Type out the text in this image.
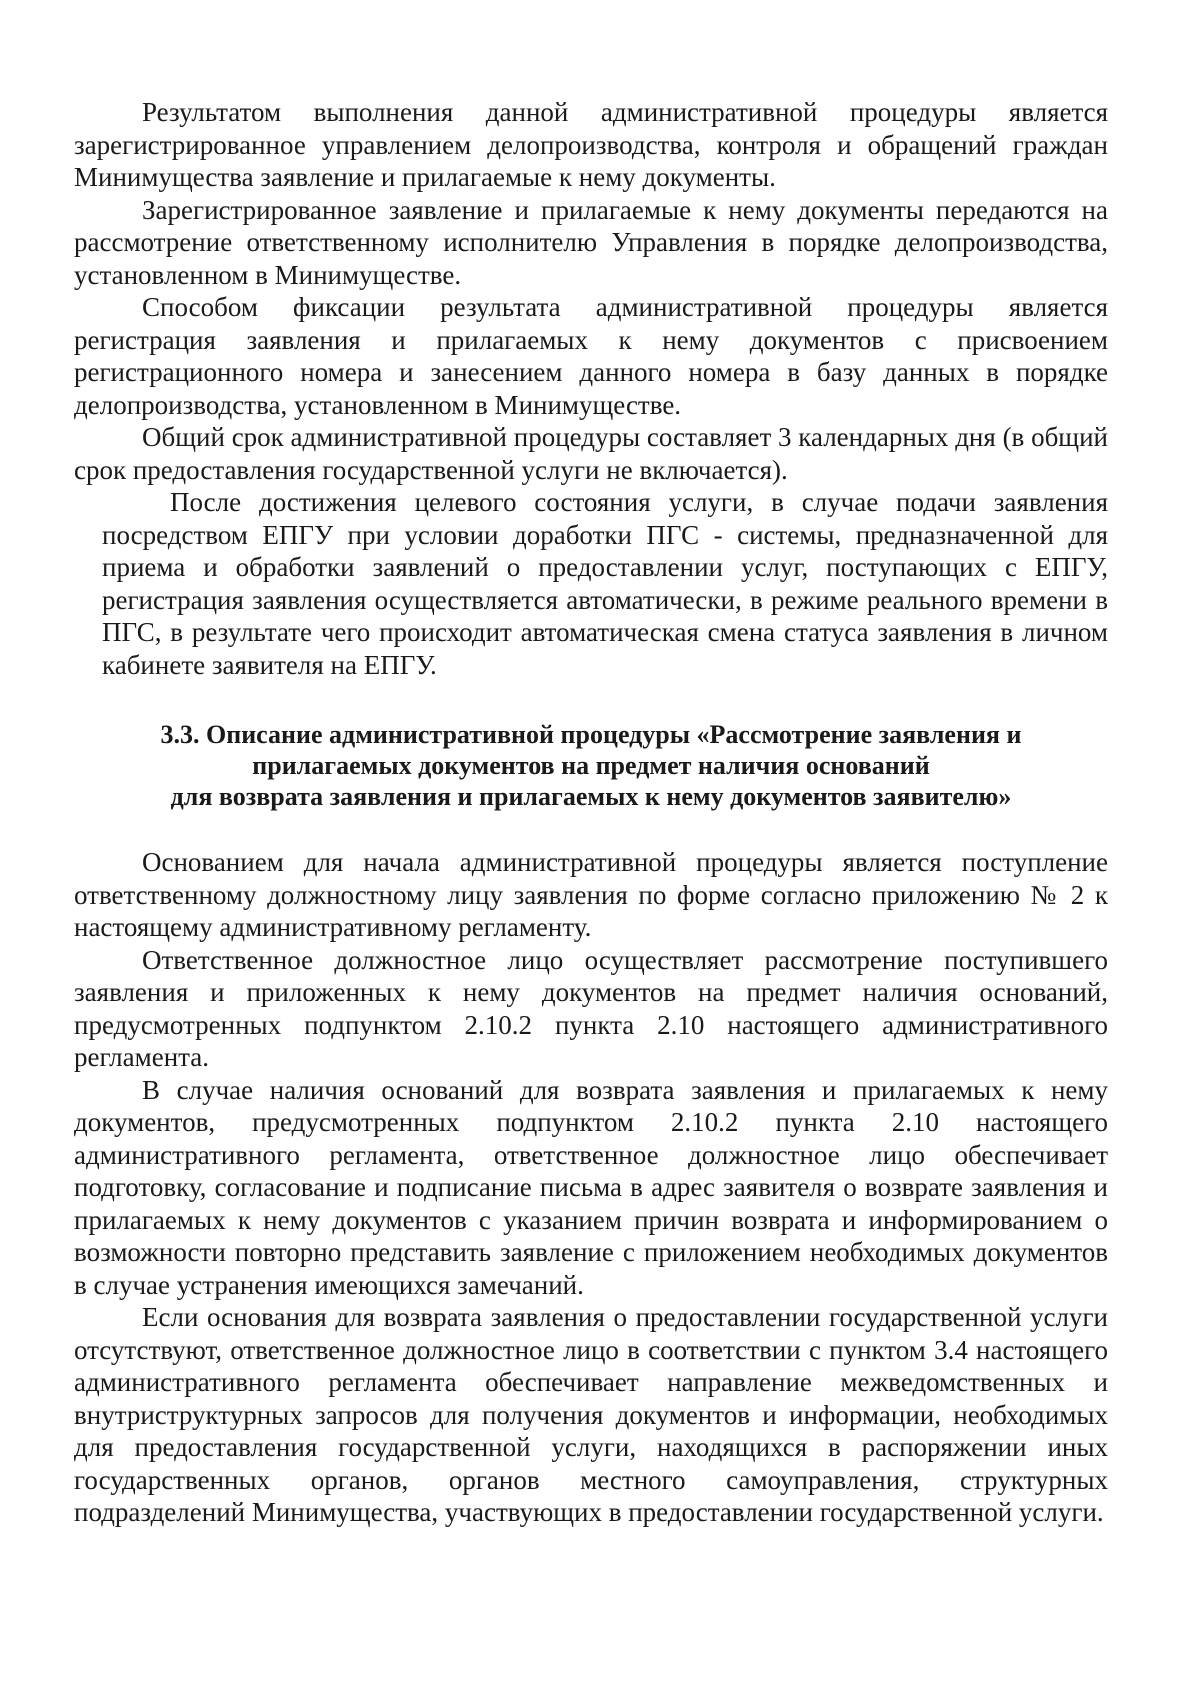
Результатом выполнения данной административной процедуры является зарегистрированное управлением делопроизводства, контроля и обращений граждан Минимущества заявление и прилагаемые к нему документы.

Зарегистрированное заявление и прилагаемые к нему документы передаются на рассмотрение ответственному исполнителю Управления в порядке делопроизводства, установленном в Минимуществе.

Способом фиксации результата административной процедуры является регистрация заявления и прилагаемых к нему документов с присвоением регистрационного номера и занесением данного номера в базу данных в порядке делопроизводства, установленном в Минимуществе.

Общий срок административной процедуры составляет 3 календарных дня (в общий срок предоставления государственной услуги не включается).

После достижения целевого состояния услуги, в случае подачи заявления посредством ЕПГУ при условии доработки ПГС - системы, предназначенной для приема и обработки заявлений о предоставлении услуг, поступающих с ЕПГУ, регистрация заявления осуществляется автоматически, в режиме реального времени в ПГС, в результате чего происходит автоматическая смена статуса заявления в личном кабинете заявителя на ЕПГУ.

3.3. Описание административной процедуры «Рассмотрение заявления и
прилагаемых документов на предмет наличия оснований
для возврата заявления и прилагаемых к нему документов заявителю»

Основанием для начала административной процедуры является поступление ответственному должностному лицу заявления по форме согласно приложению № 2 к настоящему административному регламенту.

Ответственное должностное лицо осуществляет рассмотрение поступившего заявления и приложенных к нему документов на предмет наличия оснований, предусмотренных подпунктом 2.10.2 пункта 2.10 настоящего административного регламента.

В случае наличия оснований для возврата заявления и прилагаемых к нему документов, предусмотренных подпунктом 2.10.2 пункта 2.10 настоящего административного регламента, ответственное должностное лицо обеспечивает подготовку, согласование и подписание письма в адрес заявителя о возврате заявления и прилагаемых к нему документов с указанием причин возврата и информированием о возможности повторно представить заявление с приложением необходимых документов в случае устранения имеющихся замечаний.

Если основания для возврата заявления о предоставлении государственной услуги отсутствуют, ответственное должностное лицо в соответствии с пунктом 3.4 настоящего административного регламента обеспечивает направление межведомственных и внутриструктурных запросов для получения документов и информации, необходимых для предоставления государственной услуги, находящихся в распоряжении иных государственных органов, органов местного самоуправления, структурных подразделений Минимущества, участвующих в предоставлении государственной услуги.
